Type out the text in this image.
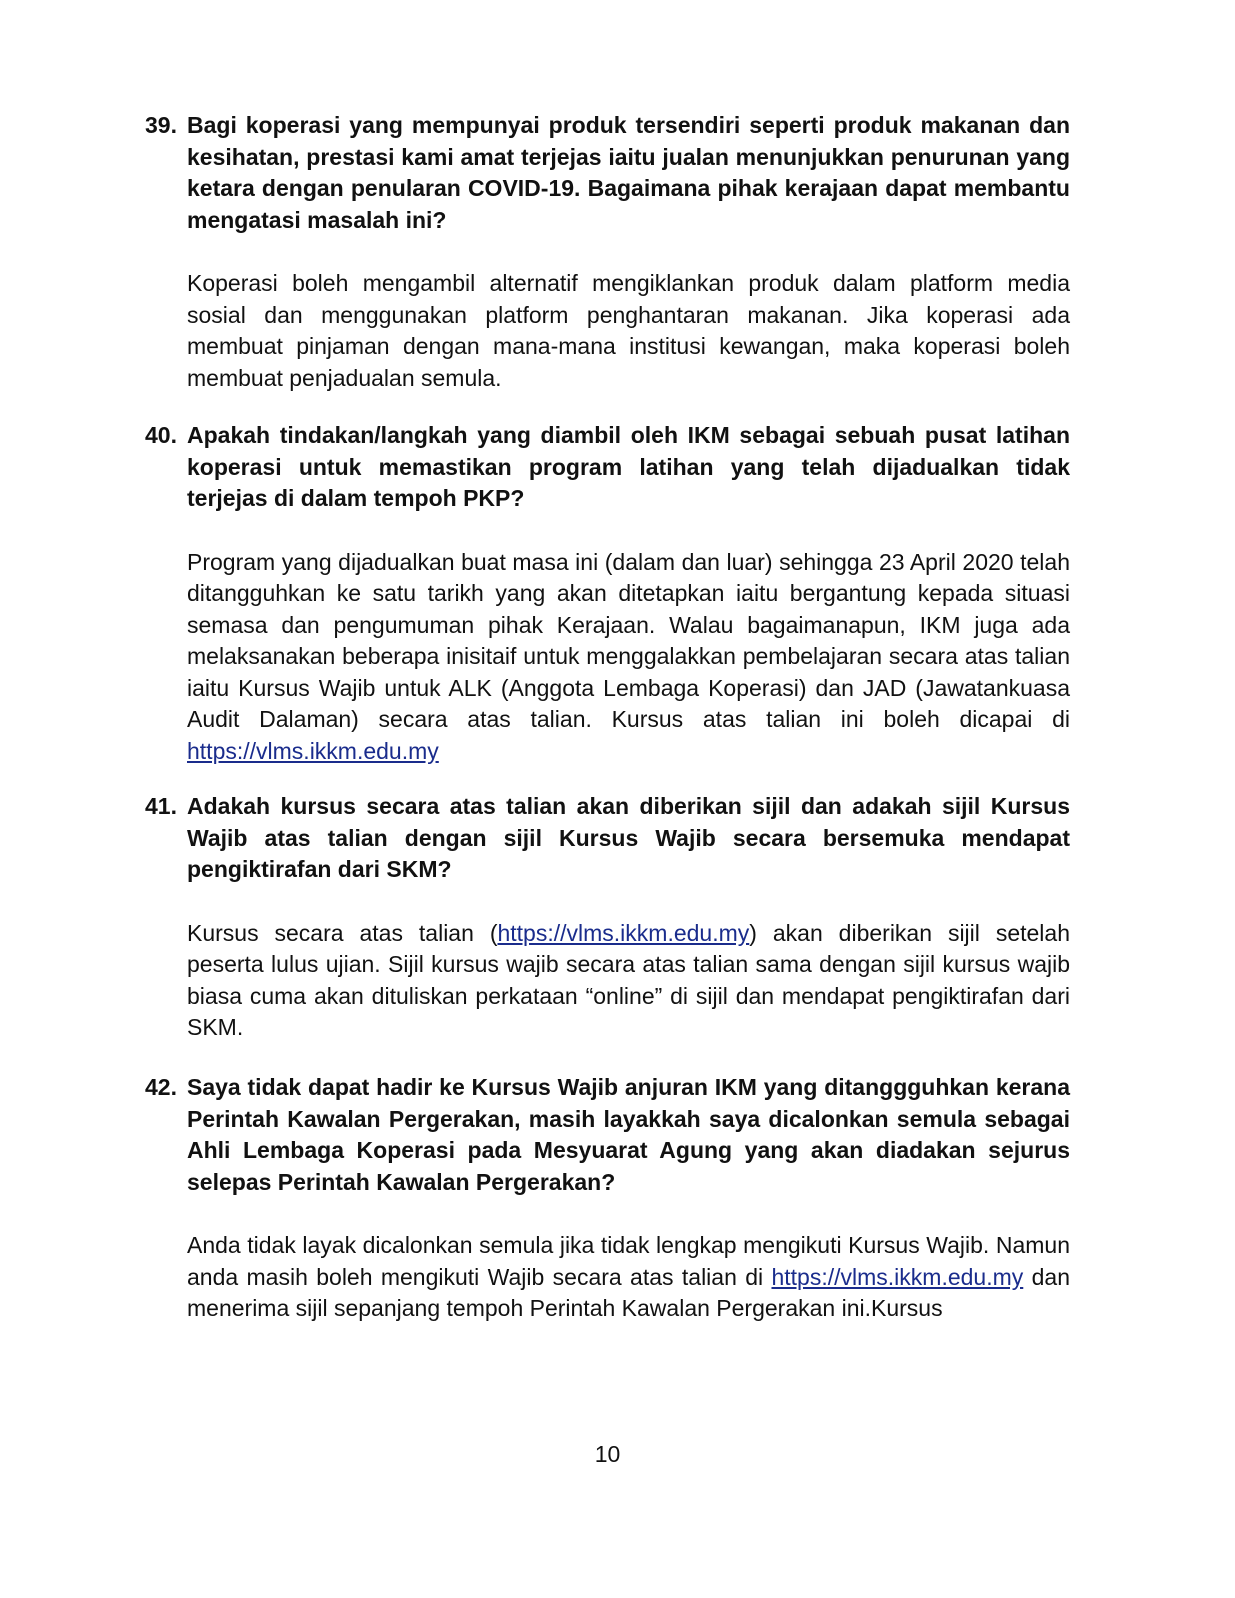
39. Bagi koperasi yang mempunyai produk tersendiri seperti produk makanan dan kesihatan, prestasi kami amat terjejas iaitu jualan menunjukkan penurunan yang ketara dengan penularan COVID-19. Bagaimana pihak kerajaan dapat membantu mengatasi masalah ini?
Koperasi boleh mengambil alternatif mengiklankan produk dalam platform media sosial dan menggunakan platform penghantaran makanan. Jika koperasi ada membuat pinjaman dengan mana-mana institusi kewangan, maka koperasi boleh membuat penjadualan semula.
40. Apakah tindakan/langkah yang diambil oleh IKM sebagai sebuah pusat latihan koperasi untuk memastikan program latihan yang telah dijadualkan tidak terjejas di dalam tempoh PKP?
Program yang dijadualkan buat masa ini (dalam dan luar) sehingga 23 April 2020 telah ditangguhkan ke satu tarikh yang akan ditetapkan iaitu bergantung kepada situasi semasa dan pengumuman pihak Kerajaan. Walau bagaimanapun, IKM juga ada melaksanakan beberapa inisitaif untuk menggalakkan pembelajaran secara atas talian iaitu Kursus Wajib untuk ALK (Anggota Lembaga Koperasi) dan JAD (Jawatankuasa Audit Dalaman) secara atas talian. Kursus atas talian ini boleh dicapai di https://vlms.ikkm.edu.my
41. Adakah kursus secara atas talian akan diberikan sijil dan adakah sijil Kursus Wajib atas talian dengan sijil Kursus Wajib secara bersemuka mendapat pengiktirafan dari SKM?
Kursus secara atas talian (https://vlms.ikkm.edu.my) akan diberikan sijil setelah peserta lulus ujian. Sijil kursus wajib secara atas talian sama dengan sijil kursus wajib biasa cuma akan dituliskan perkataan “online” di sijil dan mendapat pengiktirafan dari SKM.
42. Saya tidak dapat hadir ke Kursus Wajib anjuran IKM yang ditanggguhkan kerana Perintah Kawalan Pergerakan, masih layakkah saya dicalonkan semula sebagai Ahli Lembaga Koperasi pada Mesyuarat Agung yang akan diadakan sejurus selepas Perintah Kawalan Pergerakan?
Anda tidak layak dicalonkan semula jika tidak lengkap mengikuti Kursus Wajib. Namun anda masih boleh mengikuti Wajib secara atas talian di https://vlms.ikkm.edu.my dan menerima sijil sepanjang tempoh Perintah Kawalan Pergerakan ini.Kursus
10
